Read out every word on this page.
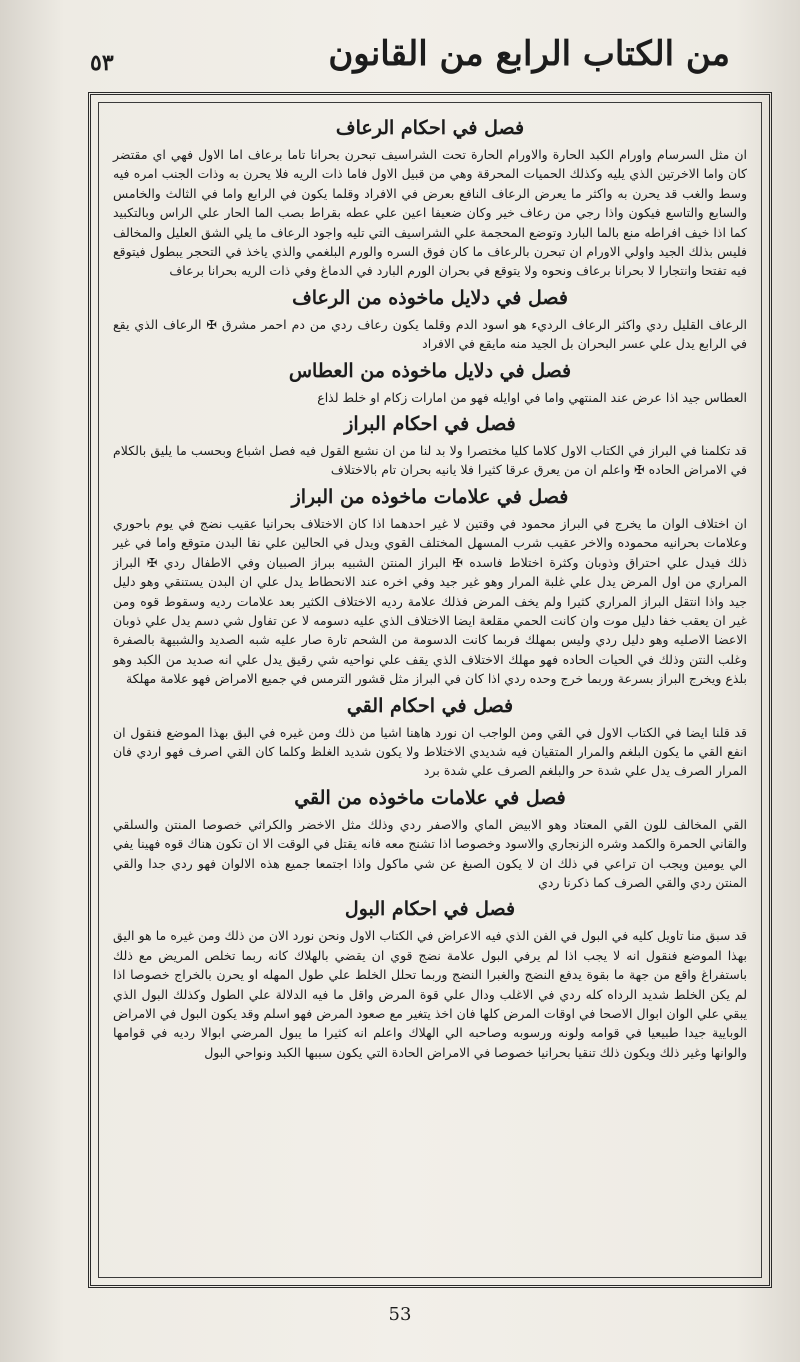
٥٣	من الكتاب الرابع من القانون
فصل في احكام الرعاف

ان مثل السرسام واورام الكبد الحارة والاورام الحارة تحت الشراسيف تبحرن بحرانا تاما برعاف اما الاول فهي اي مقتضر كان واما الاخرتين الذي يليه وكذلك الحميات المحرقة وهي من قبيل الاول فاما ذات الريه فلا يحرن به وذات الجنب امره فيه وسط والغب قد يحرن به واكثر ما يعرض الرعاف النافع بعرض في الافراد وقلما يكون في الرابع واما في الثالث والخامس والسابع والتاسع فيكون واذا رجي من رعاف خير وكان ضعيفا اعين علي عطه بقراط بصب الما الحار علي الراس وبالتكبيد كما اذا خيف افراطه منع بالما البارد وتوضع المحجمة علي الشراسيف التي تليه واجود الرعاف ما يلي الشق العليل والمخالف فليس بذلك الجيد واولي الاورام ان تبحرن بالرعاف ما كان فوق السره والورم البلغمي والذي ياخذ في التحجر يبطول فيتوقع فيه تفتحا وانتجارا لا بحرانا برعاف ونحوه ولا يتوقع في بحران الورم البارد في الدماغ وفي ذات الريه بحرانا برعاف

فصل في دلايل ماخوذه من الرعاف

الرعاف القليل ردي واكثر الرعاف الرديء هو اسود الدم وقلما يكون رعاف ردي من دم احمر مشرق ✠ الرعاف الذي يقع في الرابع يدل علي عسر البحران بل الجيد منه مايقع في الافراد

فصل في دلايل ماخوذه من العطاس

العطاس جيد اذا عرض عند المنتهي واما في اوايله فهو من امارات زكام او خلط لذاع

فصل في احكام البراز

قد تكلمنا في البراز في الكتاب الاول كلاما كليا مختصرا ولا بد لنا من ان نشبع القول فيه فصل اشباع وبحسب ما يليق بالكلام في الامراض الحاده ✠ واعلم ان من يعرق عرقا كثيرا فلا يانيه بحران تام بالاختلاف

فصل في علامات ماخوذه من البراز

ان اختلاف الوان ما يخرج في البراز محمود في وقتين لا غير احدهما اذا كان الاختلاف بحرانيا عقيب نضج في يوم باحوري وعلامات بحرانيه محموده والاخر عقيب شرب المسهل المختلف القوي ويدل في الحالين علي نقا البدن متوقع واما في غير ذلك فيدل علي احتراق وذوبان وكثرة اختلاط فاسده ✠ البراز المنتن الشبيه ببراز الصبيان وفي الاطفال ردي ✠ البراز المراري من اول المرض يدل علي غلبة المرار وهو غير جيد وفي اخره عند الانحطاط يدل علي ان البدن يستنقي وهو دليل جيد واذا انتقل البراز المراري كثيرا ولم يخف المرض فذلك علامة رديه الاختلاف الكثير بعد علامات رديه وسقوط قوه ومن غير ان يعقب خفا دليل موت وان كانت الحمي مقلعة ايضا الاختلاف الذي عليه دسومه لا عن تفاول شي دسم يدل علي ذوبان الاعضا الاصليه وهو دليل ردي وليس بمهلك فربما كانت الدسومة من الشحم تارة صار عليه شبه الصديد والشبيهة بالصفرة وغلب النتن وذلك في الحيات الحاده فهو مهلك الاختلاف الذي يقف علي نواحيه شي رقيق يدل علي انه صديد من الكبد وهو بلذع ويخرج البراز بسرعة وربما خرج وحده ردي اذا كان في البراز مثل قشور الترمس في جميع الامراض فهو علامة مهلكة

فصل في احكام القي

قد قلنا ايضا في الكتاب الاول في القي ومن الواجب ان نورد هاهنا اشيا من ذلك ومن غيره في البق بهذا الموضع فنقول ان انفع القي ما يكون البلغم والمرار المتقيان فيه شديدي الاختلاط ولا يكون شديد الغلظ وكلما كان القي اصرف فهو اردي فان المرار الصرف يدل علي شدة حر والبلغم الصرف علي شدة برد

فصل في علامات ماخوذه من القي

القي المخالف للون القي المعتاد وهو الابيض الماي والاصفر ردي وذلك مثل الاخضر والكراثي خصوصا المنتن والسلقي والقاني الحمرة والكمد وشره الزنجاري والاسود وخصوصا اذا تشنج معه فانه يقتل في الوقت الا ان تكون هناك قوه فهينا يفي الي يومين ويجب ان تراعي في ذلك ان لا يكون الصبغ عن شي ماكول واذا اجتمعا جميع هذه الالوان فهو ردي جدا والقي المنتن ردي والقي الصرف كما ذكرنا ردي

فصل في احكام البول

قد سبق منا تاويل كليه في البول في الفن الذي فيه الاعراض في الكتاب الاول ونحن نورد الان من ذلك ومن غيره ما هو اليق بهذا الموضع فنقول انه لا يجب اذا لم يرفي البول علامة نضج قوي ان يقضي بالهلاك كانه ربما تخلص المريض مع ذلك باستفراغ واقع من جهة ما بقوة يدفع النضج والغبرا النضج وربما تحلل الخلط علي طول المهله او يحرن بالخراج خصوصا اذا لم يكن الخلط شديد الرداه كله ردي في الاغلب ودال علي قوة المرض واقل ما فيه الدلالة علي الطول وكذلك البول الذي يبقي علي الوان ابوال الاصحا في اوقات المرض كلها فان اخذ يتغير مع صعود المرض فهو اسلم وقد يكون البول في الامراض الوبايية جيدا طبيعيا في قوامه ولونه ورسوبه وصاحبه الي الهلاك واعلم انه كثيرا ما يبول المرضي ابوالا رديه في قوامها والوانها وغير ذلك ويكون ذلك تنقيا بحرانيا خصوصا في الامراض الحادة التي يكون سببها الكبد ونواحي البول

53
